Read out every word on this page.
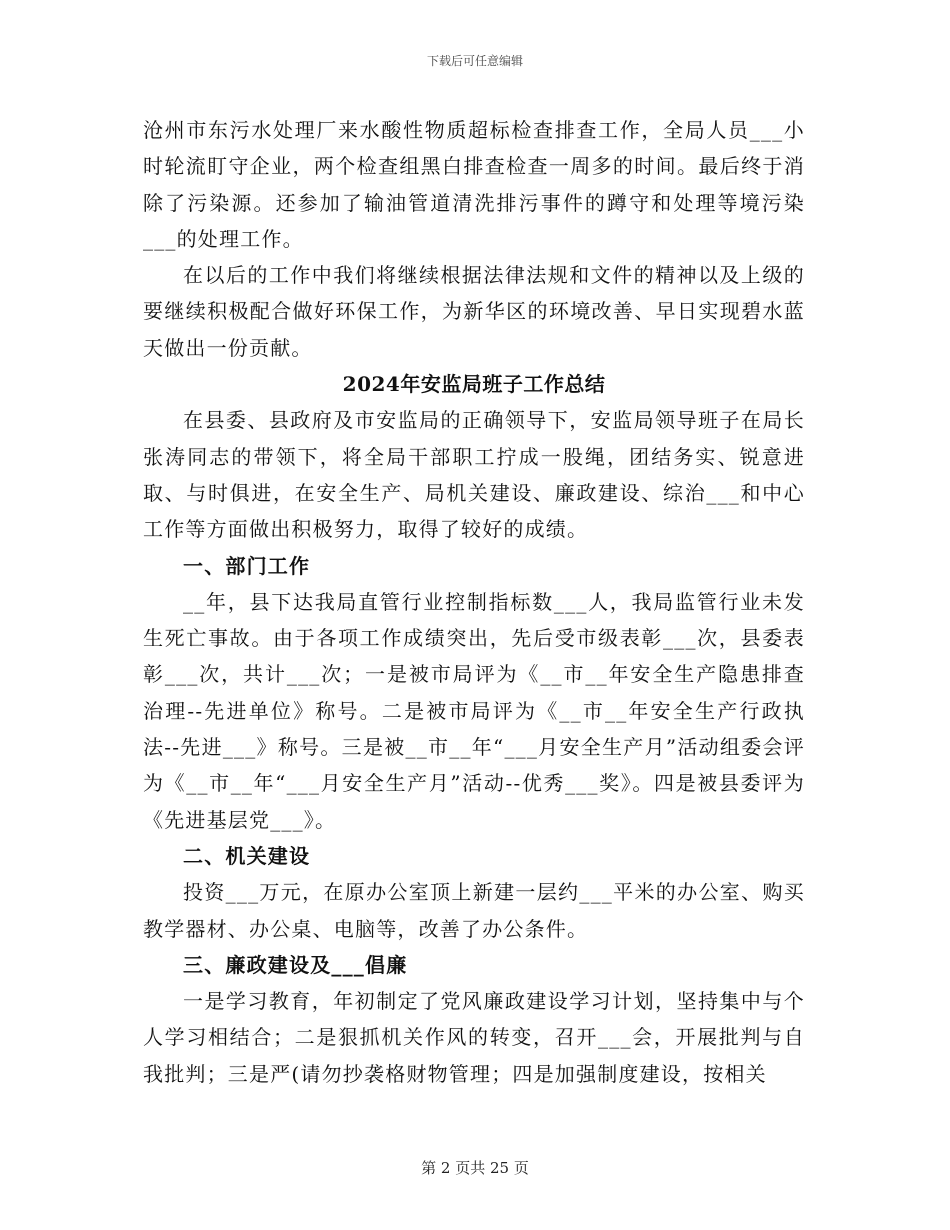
下载后可任意编辑

沧州市东污水处理厂来水酸性物质超标检查排查工作，全局人员___小时轮流盯守企业，两个检查组黑白排查检查一周多的时间。最后终于消除了污染源。还参加了输油管道清洗排污事件的蹲守和处理等境污染___的处理工作。

在以后的工作中我们将继续根据法律法规和文件的精神以及上级的要继续积极配合做好环保工作，为新华区的环境改善、早日实现碧水蓝天做出一份贡献。

2024年安监局班子工作总结

在县委、县政府及市安监局的正确领导下，安监局领导班子在局长张涛同志的带领下，将全局干部职工拧成一股绳，团结务实、锐意进取、与时俱进，在安全生产、局机关建设、廉政建设、综治___和中心工作等方面做出积极努力，取得了较好的成绩。

一、部门工作

__年，县下达我局直管行业控制指标数___人，我局监管行业未发生死亡事故。由于各项工作成绩突出，先后受市级表彰___次，县委表彰___次，共计___次；一是被市局评为《__市__年安全生产隐患排查治理--先进单位》称号。二是被市局评为《__市__年安全生产行政执法--先进___》称号。三是被__市__年“___月安全生产月”活动组委会评为《__市__年“___月安全生产月”活动--优秀___奖》。四是被县委评为《先进基层党___》。

二、机关建设

投资___万元，在原办公室顶上新建一层约___平米的办公室、购买教学器材、办公桌、电脑等，改善了办公条件。

三、廉政建设及___倡廉

一是学习教育，年初制定了党风廉政建设学习计划，坚持集中与个人学习相结合；二是狠抓机关作风的转变，召开___会，开展批判与自我批判；三是严(请勿抄袭格财物管理；四是加强制度建设，按相关

第 2 页共 25 页
